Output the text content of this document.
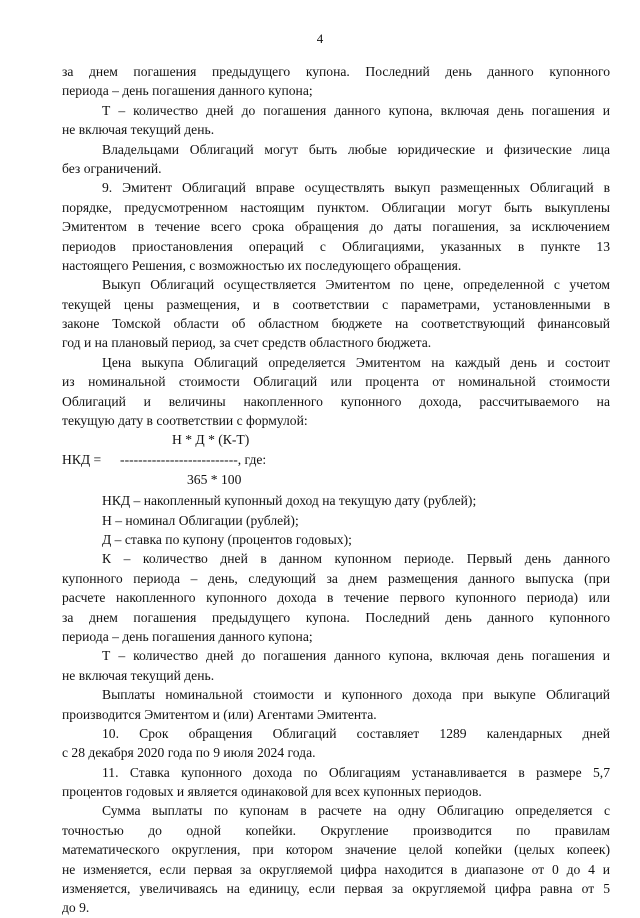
4
за днем погашения предыдущего купона. Последний день данного купонного
периода – день погашения данного купона;
Т – количество дней до погашения данного купона, включая день погашения и
не включая текущий день.
Владельцами Облигаций могут быть любые юридические и физические лица
без ограничений.
9. Эмитент Облигаций вправе осуществлять выкуп размещенных Облигаций в
порядке, предусмотренном настоящим пунктом. Облигации могут быть выкуплены
Эмитентом в течение всего срока обращения до даты погашения, за исключением
периодов приостановления операций с Облигациями, указанных в пункте 13
настоящего Решения, с возможностью их последующего обращения.
Выкуп Облигаций осуществляется Эмитентом по цене, определенной с учетом
текущей цены размещения, и в соответствии с параметрами, установленными в
законе Томской области об областном бюджете на соответствующий финансовый
год и на плановый период, за счет средств областного бюджета.
Цена выкупа Облигаций определяется Эмитентом на каждый день и состоит
из номинальной стоимости Облигаций или процента от номинальной стоимости
Облигаций и величины накопленного купонного дохода, рассчитываемого на
текущую дату в соответствии с формулой:
Н * Д * (К-Т)
НКД = --------------------------, где:
365 * 100
НКД – накопленный купонный доход на текущую дату (рублей);
Н – номинал Облигации (рублей);
Д – ставка по купону (процентов годовых);
К – количество дней в данном купонном периоде. Первый день данного
купонного периода – день, следующий за днем размещения данного выпуска (при
расчете накопленного купонного дохода в течение первого купонного периода) или
за днем погашения предыдущего купона. Последний день данного купонного
периода – день погашения данного купона;
Т – количество дней до погашения данного купона, включая день погашения и
не включая текущий день.
Выплаты номинальной стоимости и купонного дохода при выкупе Облигаций
производится Эмитентом и (или) Агентами Эмитента.
10. Срок обращения Облигаций составляет 1289 календарных дней
с 28 декабря 2020 года по 9 июля 2024 года.
11. Ставка купонного дохода по Облигациям устанавливается в размере 5,7
процентов годовых и является одинаковой для всех купонных периодов.
Сумма выплаты по купонам в расчете на одну Облигацию определяется с
точностью до одной копейки. Округление производится по правилам
математического округления, при котором значение целой копейки (целых копеек)
не изменяется, если первая за округляемой цифра находится в диапазоне от 0 до 4 и
изменяется, увеличиваясь на единицу, если первая за округляемой цифра равна от 5
до 9.
